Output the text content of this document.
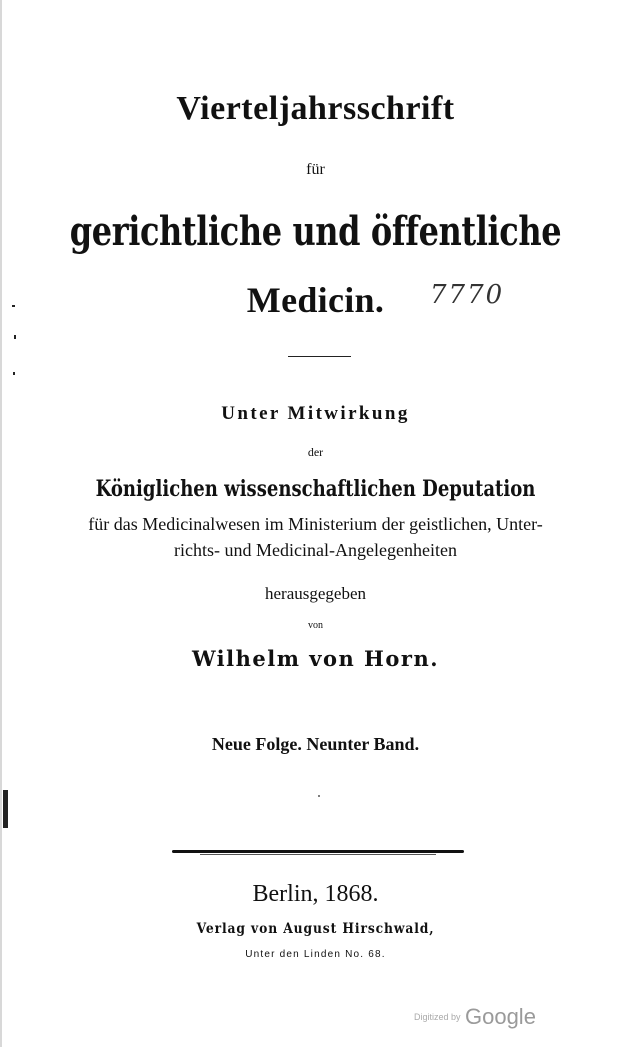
Vierteljahrsschrift
für
gerichtliche und öffentliche
Medicin.	7770
Unter Mitwirkung
der
Königlichen wissenschaftlichen Deputation
für das Medicinalwesen im Ministerium der geistlichen, Unter-
richts- und Medicinal-Angelegenheiten
herausgegeben
von
Wilhelm von Horn.
Neue Folge. Neunter Band.
Berlin, 1868.
Verlag von August Hirschwald,
Unter den Linden No. 68.
Digitized by Google
